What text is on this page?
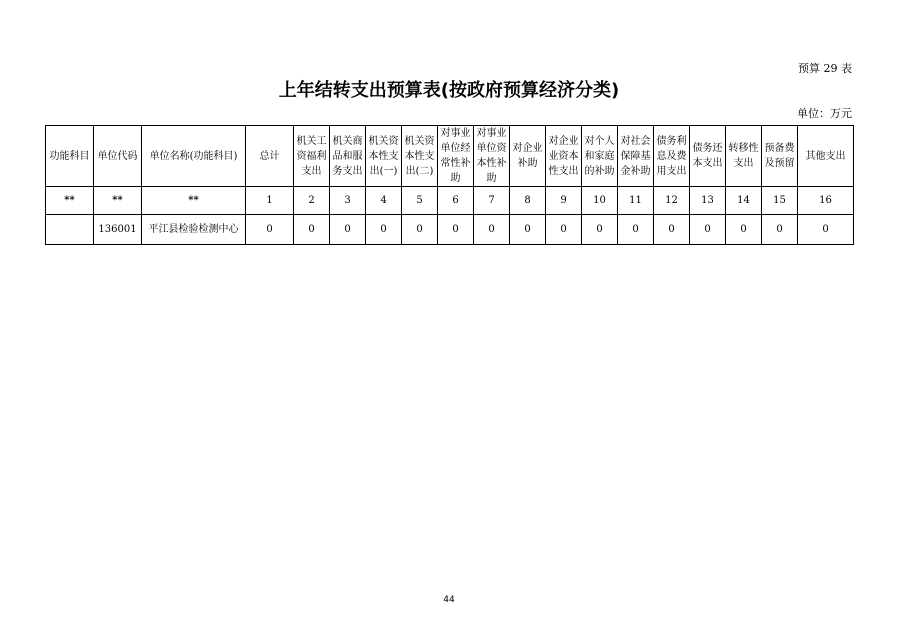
预算 29 表
上年结转支出预算表(按政府预算经济分类)
单位：万元
功能科目	单位代码	单位名称(功能科目)	总计	机关工资福利支出	机关商品和服务支出	机关资本性支出(一)	机关资本性支出(二)	对事业单位经常性补助	对事业单位资本性补助	对企业补助	对企业业资本性支出	对个人和家庭的补助	对社会保障基金补助	债务利息及费用支出	债务还本支出	转移性支出	预备费及预留	其他支出
**	**	**	1	2	3	4	5	6	7	8	9	10	11	12	13	14	15	16
	136001	平江县检验检测中心	0	0	0	0	0	0	0	0	0	0	0	0	0	0	0	0
44
